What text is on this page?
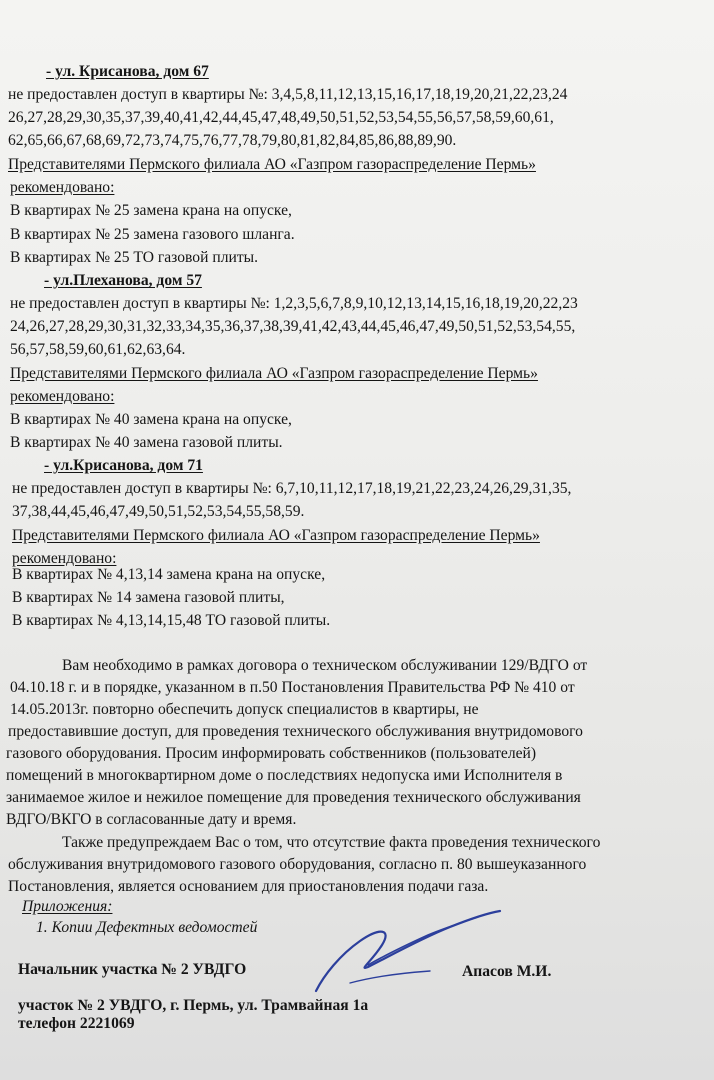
- ул. Крисанова, дом 67
не предоставлен доступ в квартиры №: 3,4,5,8,11,12,13,15,16,17,18,19,20,21,22,23,24
26,27,28,29,30,35,37,39,40,41,42,44,45,47,48,49,50,51,52,53,54,55,56,57,58,59,60,61,
62,65,66,67,68,69,72,73,74,75,76,77,78,79,80,81,82,84,85,86,88,89,90.
Представителями Пермского филиала АО «Газпром газораспределение Пермь»
рекомендовано:
В квартирах № 25 замена крана на опуске,
В квартирах № 25 замена газового шланга.
В квартирах № 25 ТО газовой плиты.
- ул.Плеханова, дом 57
не предоставлен доступ в квартиры №: 1,2,3,5,6,7,8,9,10,12,13,14,15,16,18,19,20,22,23
24,26,27,28,29,30,31,32,33,34,35,36,37,38,39,41,42,43,44,45,46,47,49,50,51,52,53,54,55,
56,57,58,59,60,61,62,63,64.
Представителями Пермского филиала АО «Газпром газораспределение Пермь»
рекомендовано:
В квартирах № 40 замена крана на опуске,
В квартирах № 40 замена газовой плиты.
- ул.Крисанова, дом 71
не предоставлен доступ в квартиры №: 6,7,10,11,12,17,18,19,21,22,23,24,26,29,31,35,
37,38,44,45,46,47,49,50,51,52,53,54,55,58,59.
Представителями Пермского филиала АО «Газпром газораспределение Пермь»
рекомендовано:
В квартирах № 4,13,14 замена крана на опуске,
В квартирах № 14 замена газовой плиты,
В квартирах № 4,13,14,15,48 ТО газовой плиты.
Вам необходимо в рамках договора о техническом обслуживании 129/ВДГО от
04.10.18 г. и в порядке, указанном в п.50 Постановления Правительства РФ № 410 от
14.05.2013г. повторно обеспечить допуск специалистов в квартиры, не
предоставившие доступ, для проведения технического обслуживания внутридомового
газового оборудования. Просим информировать собственников (пользователей)
помещений в многоквартирном доме о последствиях недопуска ими Исполнителя в
занимаемое жилое и нежилое помещение для проведения технического обслуживания
ВДГО/ВКГО в согласованные дату и время.
Также предупреждаем Вас о том, что отсутствие факта проведения технического
обслуживания внутридомового газового оборудования, согласно п. 80 вышеуказанного
Постановления, является основанием для приостановления подачи газа.
Приложения:
1. Копии Дефектных ведомостей
Начальник участка № 2 УВДГО	Апасов М.И.
участок № 2 УВДГО, г. Пермь, ул. Трамвайная 1а
телефон 2221069
